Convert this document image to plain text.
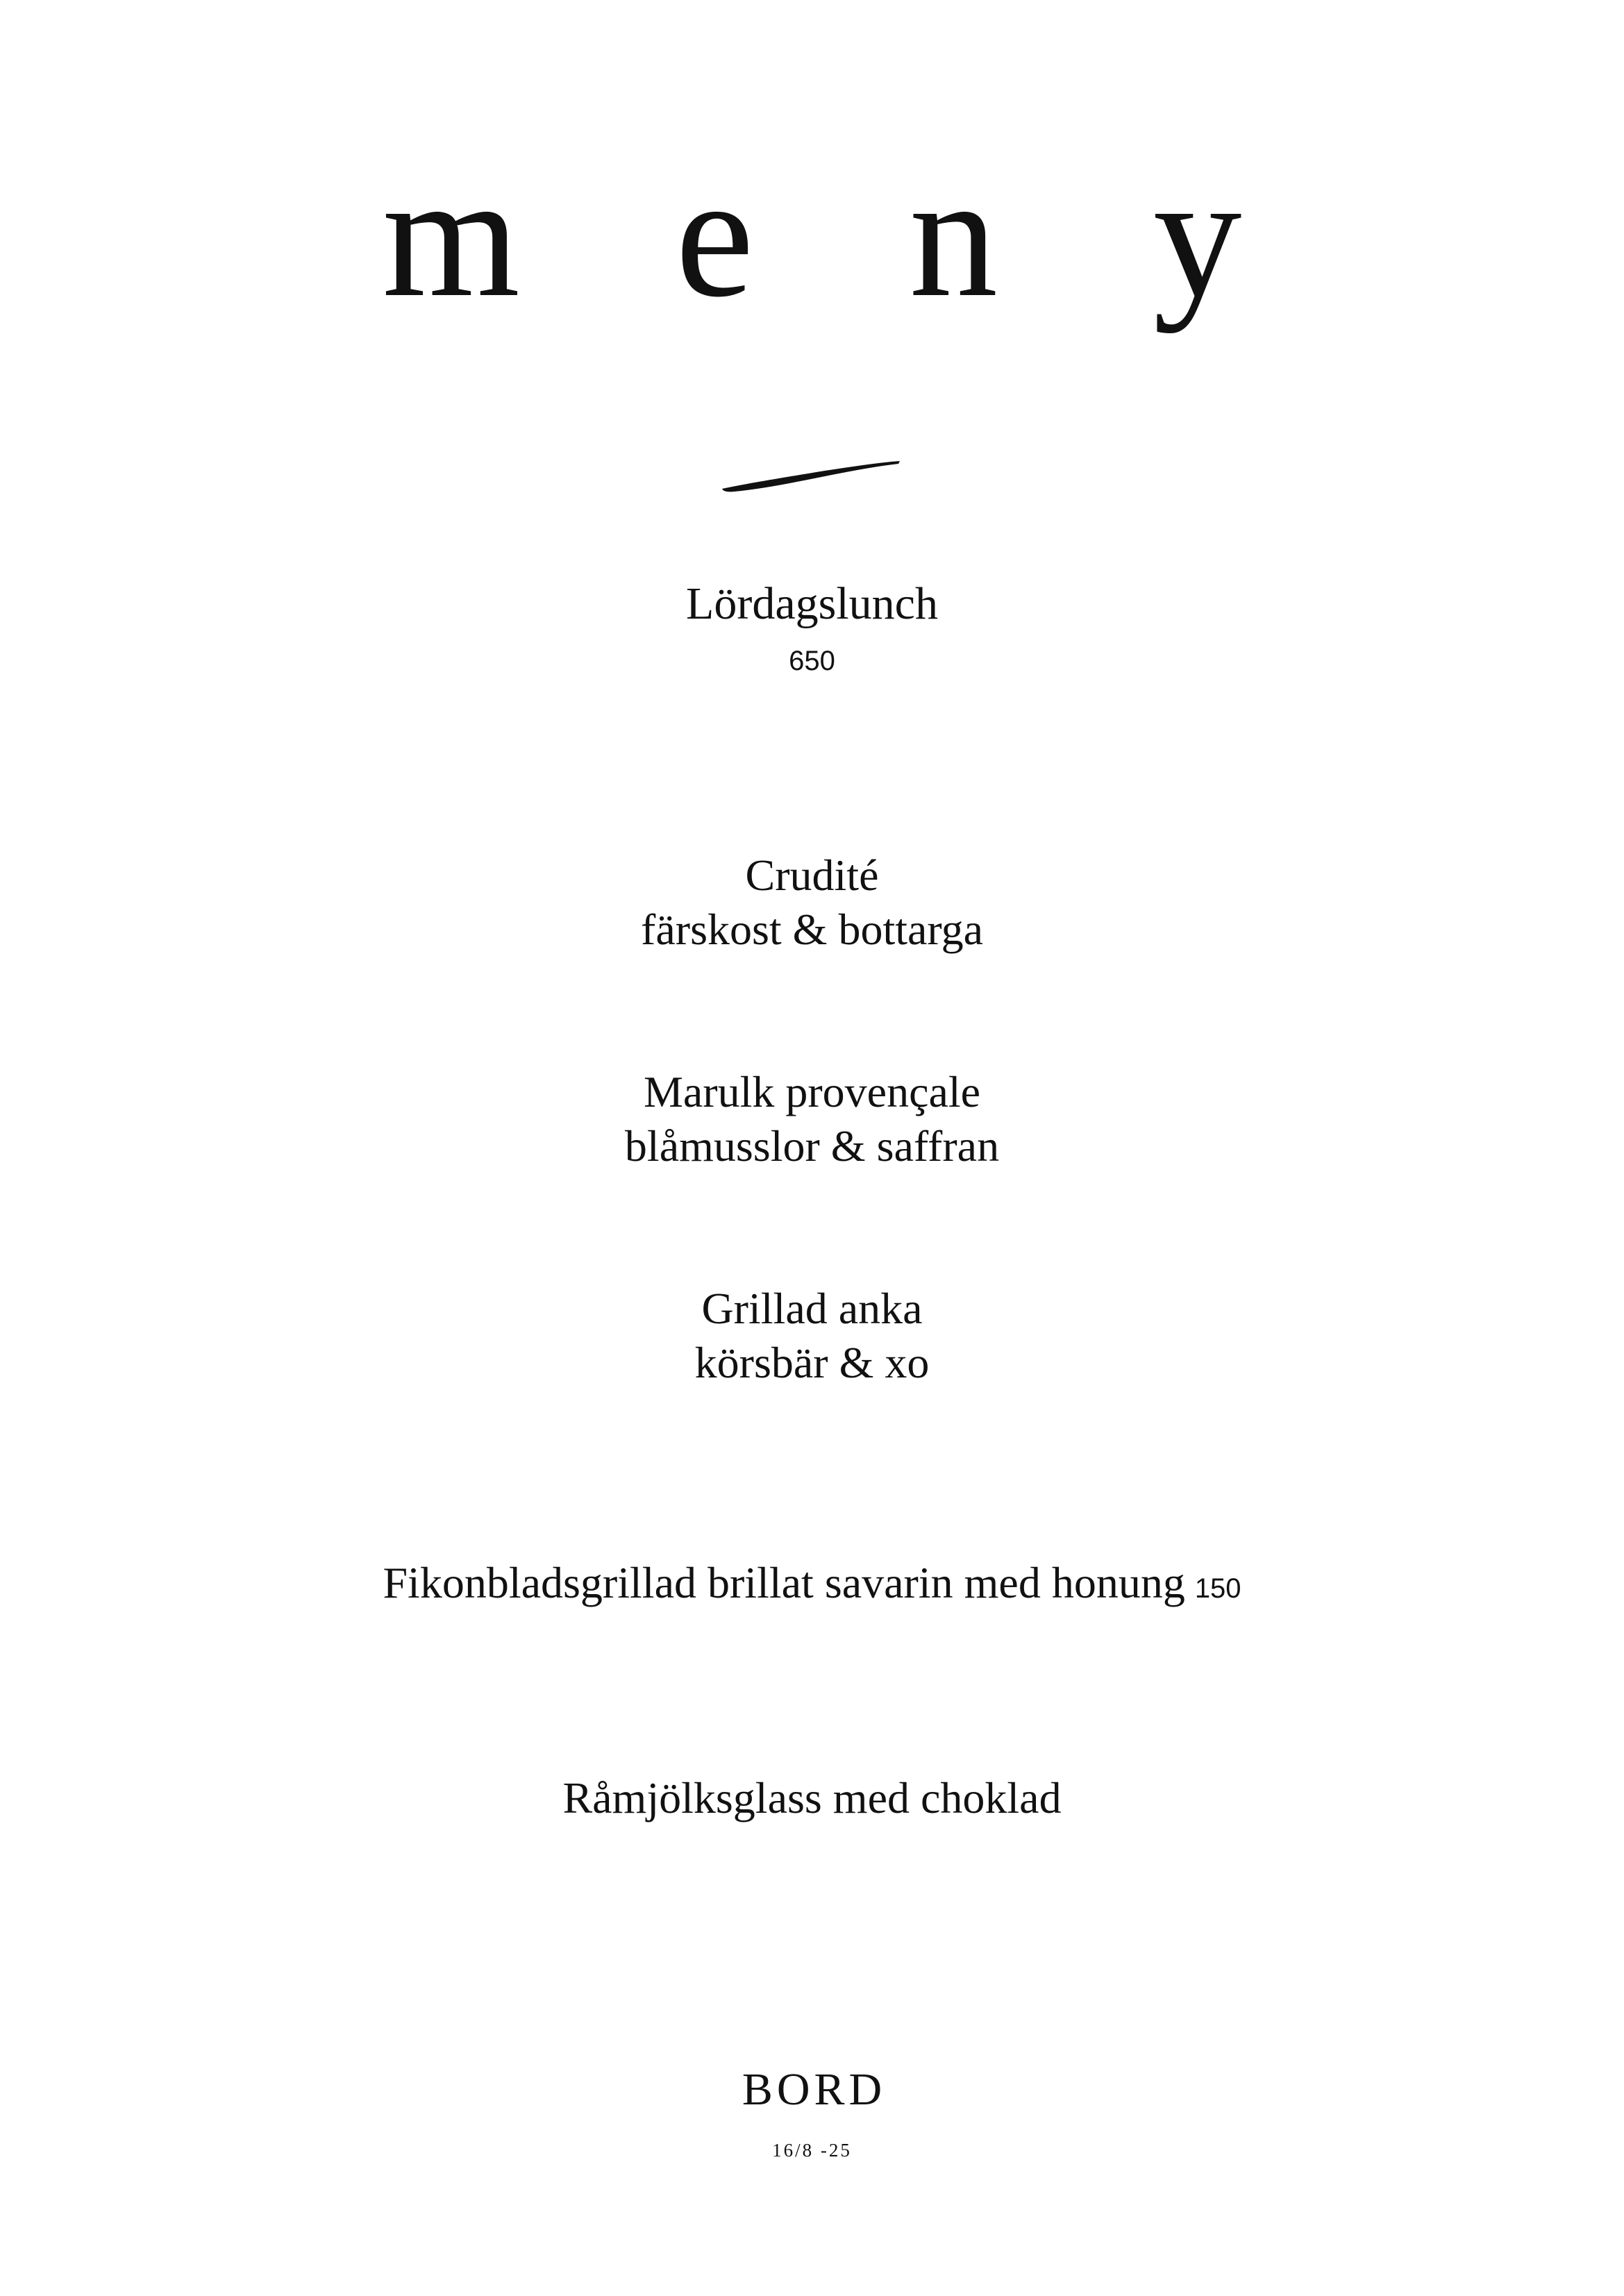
m e n y
Lördagslunch
650
Crudité
färskost & bottarga
Marulk provençale
blåmusslor & saffran
Grillad anka
körsbär & xo
Fikonbladsgrillad brillat savarin med honung 150
Råmjölksglass med choklad
BORD
16/8 -25
